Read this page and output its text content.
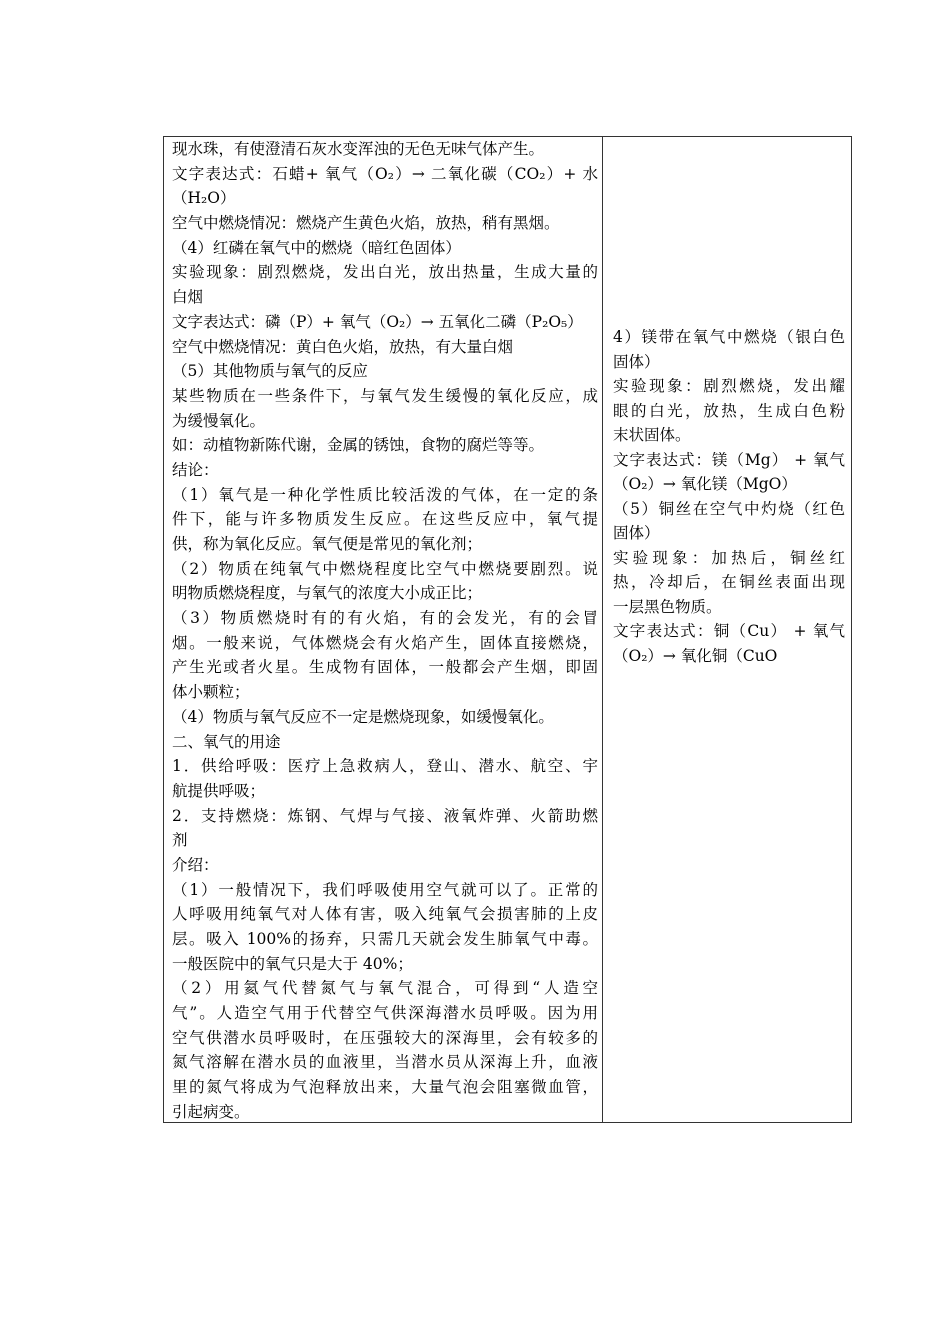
现水珠，有使澄清石灰水变浑浊的无色无味气体产生。
文字表达式：石蜡+ 氧气（O₂）→ 二氧化碳（CO₂）+ 水
（H₂O）
空气中燃烧情况：燃烧产生黄色火焰，放热，稍有黑烟。
（4）红磷在氧气中的燃烧（暗红色固体）
实验现象：剧烈燃烧，发出白光，放出热量，生成大量的
白烟
文字表达式：磷（P）+ 氧气（O₂）→ 五氧化二磷（P₂O₅）
空气中燃烧情况：黄白色火焰，放热，有大量白烟
（5）其他物质与氧气的反应
某些物质在一些条件下，与氧气发生缓慢的氧化反应，成
为缓慢氧化。
如：动植物新陈代谢，金属的锈蚀，食物的腐烂等等。
结论：
（1）氧气是一种化学性质比较活泼的气体，在一定的条
件下，能与许多物质发生反应。在这些反应中，氧气提
供，称为氧化反应。氧气便是常见的氧化剂；
（2）物质在纯氧气中燃烧程度比空气中燃烧要剧烈。说
明物质燃烧程度，与氧气的浓度大小成正比；
（3）物质燃烧时有的有火焰，有的会发光，有的会冒
烟。一般来说，气体燃烧会有火焰产生，固体直接燃烧，
产生光或者火星。生成物有固体，一般都会产生烟，即固
体小颗粒；
（4）物质与氧气反应不一定是燃烧现象，如缓慢氧化。
二、氧气的用途
1．供给呼吸：医疗上急救病人，登山、潜水、航空、宇
航提供呼吸；
2．支持燃烧：炼钢、气焊与气接、液氧炸弹、火箭助燃
剂
介绍：
（1）一般情况下，我们呼吸使用空气就可以了。正常的
人呼吸用纯氧气对人体有害，吸入纯氧气会损害肺的上皮
层。吸入 100%的扬弃，只需几天就会发生肺氧气中毒。
一般医院中的氧气只是大于 40%；
（2）用氦气代替氮气与氧气混合，可得到“人造空
气”。人造空气用于代替空气供深海潜水员呼吸。因为用
空气供潜水员呼吸时，在压强较大的深海里，会有较多的
氮气溶解在潜水员的血液里，当潜水员从深海上升，血液
里的氮气将成为气泡释放出来，大量气泡会阻塞微血管，
引起病变。
4）镁带在氧气中燃烧（银白色
固体）
实验现象：剧烈燃烧，发出耀
眼的白光，放热，生成白色粉
末状固体。
文字表达式：镁（Mg） + 氧气
（O₂）→ 氧化镁（MgO）
（5）铜丝在空气中灼烧（红色
固体）
实验现象：加热后，铜丝红
热，冷却后，在铜丝表面出现
一层黑色物质。
文字表达式：铜（Cu） + 氧气
（O₂）→ 氧化铜（CuO
